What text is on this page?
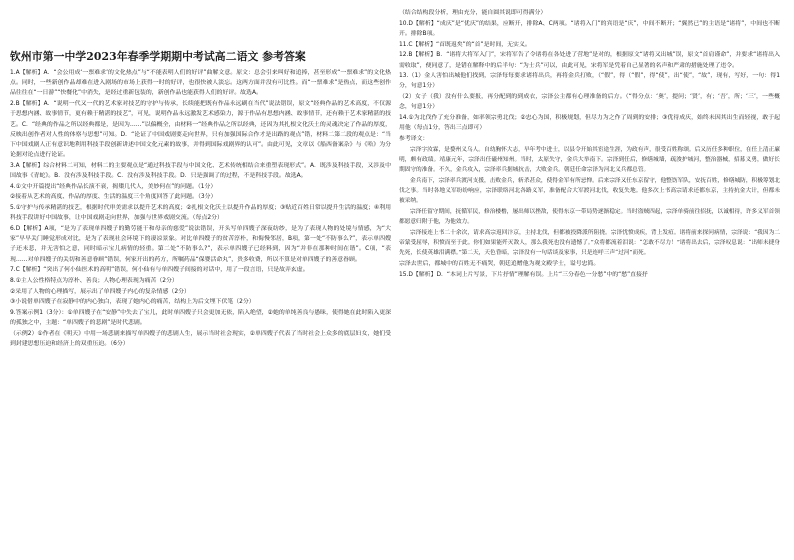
钦州市第一中学2023年春季学期期中考试高二语文 参考答案

1.A【解析】A．“会公用成‘一票难求’的文化热点”与“不能表明人们的好评”曲解文意。原文：总会引来叫好和追捧，甚至形成“一票难求”的文化热点。同时，一些新创作品却难在进入剧场的市场上获得一时的好评，也很快被人淡忘。这两方面并没有可比性。而“一票难求”是热点，而这些创作品往往在“一日游”“快餐化”中消失，是经过重新包装的，新创作品也能获得人们的好评。故选A。

2.B【解析】A．“说明一代又一代的艺术家对技艺的守护与传承，长续能把既有作品永远刷在当代”说法错误，原文“经典作品的艺术高度，不仅源于思想内涵、故事情节，更有赖于精湛的技艺”，可见，说明作品永远激发艺术感染力，源于作品有思想内涵、故事情节，还有赖于艺术家精湛的技艺。C．“经典的作品之所以经典都是，是因为……”以偏概全，由材料一“经典作品之所以经典，还因为其扎根文化沃土的灵魂决定了作品的厚度，反映出创作者对人性的体察与思想”可知。D．“论证了中国戏剧要走向世界，只有加强国际合作才是出路的观点”错，材料二第二段的观点是：“当下中国戏剧人正有意识地利用科技手段创新讲述中国文化元素的故事，并得到国际戏剧界的认可”。由此可见，文章以《船西备案杂》与《哈》为分论据对论点进行论证。

3.A【解析】综合材料二可知，材料二的主要观点是“通过科技手段与中国文化、艺术传统相结合来重塑表现形式”。A．既涉及科技手段，又涉及中国故事《青蛇》。B．没有涉及科技手段。C．没有涉及科技手段。D．只是强调了的过程，不是科技手段。故选A。

4.①文中开篇提出“经典作品长演不衰，揭橥几代人，美妙何在”的问题。（1分）

②接着从艺术的高度、作品的厚度、生活的温度三个角度回答了此问题。（3分）

5.①守护与传承精湛的技艺，根据时代审美需求以提升艺术的高度；②扎根文化沃土以提升作品的厚度；③贴近百姓日常以提升生活的温度；④利用科技手段讲好中国故事，让中国戏剧走向世界，加强与世界戏剧交流。（每点2分）

6.D【解析】A项，“是为了表现单四嫂子的勤劳能干和母亲的慈爱”说法错误，开头写单四嫂子深夜纺纱，是为了表现人物的处境与情感，为“大家”早早关门睡觉形成对比，是为了表现社会环境下的凄凉景象。对比单四嫂子的贫苦淳朴，和侮慢邻居，B项，第一处“不防事么?”，表示单四嫂子还未悲，并无害怕之意，同时暗示宝儿病情的轻重。第二处“不防事么?”，表示单四嫂子已经料到，因为“并非在那种时间在谐”。C项，“表现……对单四嫂子的关切和善意眷顾”错误，何家开出的药方，所嘱药品“保婴活命丸”，贵多收费，所以不算是对单四嫂子的善意眷顾。

7.C【解析】“突出了何小仙医术的高明”错误，何小仙有与单四嫂子间接的对话中，用了一段言语，只是故弄玄虚。

8.①主人公性格特点为淳朴、善良；人物心理表现为痛苦（2分）

②采用了人物的心理描写，展示出了单四嫂子内心的复杂情感（2分）

③小说借单四嫂子在寂静中的内心独白，表现了她内心的痛苦，结构上为后文埋下伏笔（2分）

9.答案示例1（3分）：①单四嫂子在“安静”中失去了宝儿，此时单四嫂子只会更加无依，陷入绝望，②她的单纯善良与愚昧，使得她在此时陷入更深的孤独之中，主题：“单四嫂子的悲剧”是时代悲剧。

（示例2）①作者在《明天》中用一场悲剧来描写单四嫂子的悲剧人生，展示当时社会现实，②单四嫂子代表了当时社会上众多的底层妇女，她们受到封建思想压迫和经济上的双重压迫。（6分）

（结合结构段分析，理由充分，能自圆其说即可得满分）

10.D【解析】“成庆”是“优庆”的结果，应断开，排除A、C两项。“诸将入门”的宾语是“庆”，中间不断开；“翼然已”的主语是“诸将”，中间也不断开。排除B项。

11.C【解析】“首既返矣”的“首”是时间，无实义。

12.B【解析】B．“诸将大将军入门”，宋将军告了令诸将在各处进了营地”是对的，根据原文“诸将又出城”误，原文“首肩谨命”，并要求“诸将出入需收取”，便同意了，是错在解释中的后半句：“为士兵”可以，由此可见，宋将军是凭着自己显著的名声和严肃的措施处理了违令。

13.（1）金人害怕出城他们找到，宗泽每每要求诸将出兵，再将金兵打败，（“假”，得（“假”，得“使”，出“使”，“故”，现有，写好，一句：得1分，句意1分）

（2）女子（我）没有什么要报，再分配到的到成衣，宗泽公主都有心理准备的后方。（“得分点：‘奥’，提问；‘贤’，有；‘吾’，所；‘三’，一些概念，句意1分）

14.①为北伐作了充分准备，如率领宗勇北伐；②忠心为国，积极规划，但尽力为之作了周到的安排；③优待成庆，始终未因其出生而轻视，敢于起用他（每点1分，答出三点即可）

参考译文：

宗泽字汝霖，是婺州义乌人。自幼胸怀大志，早年考中进士，以县令开始其宦途生涯，为政有声，很受百姓称颂。后又历任多种职位，在任上清正廉明，颇有政绩。靖康元年，宗泽出任磁州知州。当时，太原失守，金兵大举南下。宗泽到任后，修缮城墙，疏浚护城河，整治器械，招募义勇，做好长期固守的准备。不久，金兵攻入，宗泽率兵据城抗击，大败金兵。朝廷任命宗泽为河北义兵都总管。

金兵南下，宗泽率兵渡河支援，击败金兵，斩杀甚众，使得金军有所忌惮。后来宗泽又任东京留守，他整饬军队，安抚百姓，修缮城防，积极筹划北伐之事。当时各地义军纷纷响应，宗泽联络河北各路义军，准备配合大军渡河北伐，收复失地。他多次上书高宗请求还都东京，主持抗金大计，但都未被采纳。

宗泽任留守期间，抚循军民，修治楼橹，屡出师以挫敌，使得东京一带局势逐渐稳定。当时盗贼四起，宗泽单骑前往招抚，以诚相待，许多义军首领都愿意归附于他，为他效力。

宗泽接连上书二十余次，请求高宗返回汴京，主持北伐，但都被投降派所阻挠。宗泽忧愤成疾，背上发疽。诸将前来探问病情，宗泽说：“我因为二帝蒙受屈辱，积愤而至于此。你们如果能歼灭敌人，那么我死也没有遗憾了。”众将都流着泪说：“怎敢不尽力！”诸将出去后，宗泽叹息说：“出师未捷身先死，长使英雄泪满襟。”第二天，天色昏暗，宗泽没有一句话谈及家事，只是连呼三声“过河”而死。

宗泽去世后，都城中的百姓无不痛哭，朝廷追赠他为观文殿学士，谥号忠简。

15.D【解析】D．“本词上片写景，下片抒情”理解有误。上片“三分春色一分愁”中的“愁”直接抒
